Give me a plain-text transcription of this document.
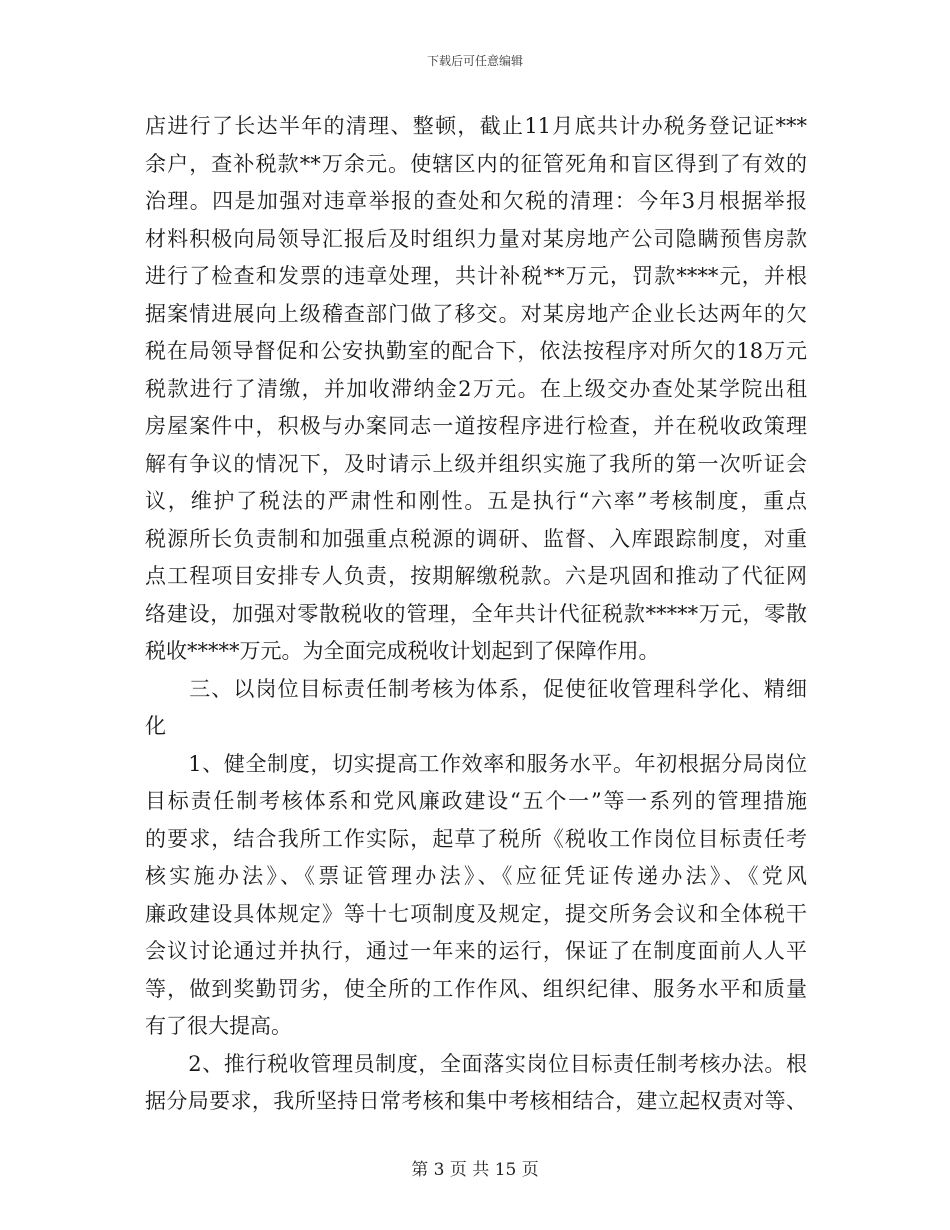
下载后可任意编辑
店进行了长达半年的清理、整顿，截止11月底共计办税务登记证***
余户，查补税款**万余元。使辖区内的征管死角和盲区得到了有效的
治理。四是加强对违章举报的查处和欠税的清理：今年3月根据举报
材料积极向局领导汇报后及时组织力量对某房地产公司隐瞒预售房款
进行了检查和发票的违章处理，共计补税**万元，罚款****元，并根
据案情进展向上级稽查部门做了移交。对某房地产企业长达两年的欠
税在局领导督促和公安执勤室的配合下，依法按程序对所欠的18万元
税款进行了清缴，并加收滞纳金2万元。在上级交办查处某学院出租
房屋案件中，积极与办案同志一道按程序进行检查，并在税收政策理
解有争议的情况下，及时请示上级并组织实施了我所的第一次听证会
议，维护了税法的严肃性和刚性。五是执行“六率”考核制度，重点
税源所长负责制和加强重点税源的调研、监督、入库跟踪制度，对重
点工程项目安排专人负责，按期解缴税款。六是巩固和推动了代征网
络建设，加强对零散税收的管理，全年共计代征税款*****万元，零散
税收*****万元。为全面完成税收计划起到了保障作用。
　　三、以岗位目标责任制考核为体系，促使征收管理科学化、精细
化
　　1、健全制度，切实提高工作效率和服务水平。年初根据分局岗位
目标责任制考核体系和党风廉政建设“五个一”等一系列的管理措施
的要求，结合我所工作实际，起草了税所《税收工作岗位目标责任考
核实施办法》、《票证管理办法》、《应征凭证传递办法》、《党风
廉政建设具体规定》等十七项制度及规定，提交所务会议和全体税干
会议讨论通过并执行，通过一年来的运行，保证了在制度面前人人平
等，做到奖勤罚劣，使全所的工作作风、组织纪律、服务水平和质量
有了很大提高。
　　2、推行税收管理员制度，全面落实岗位目标责任制考核办法。根
据分局要求，我所坚持日常考核和集中考核相结合，建立起权责对等、
第 3 页 共 15 页
